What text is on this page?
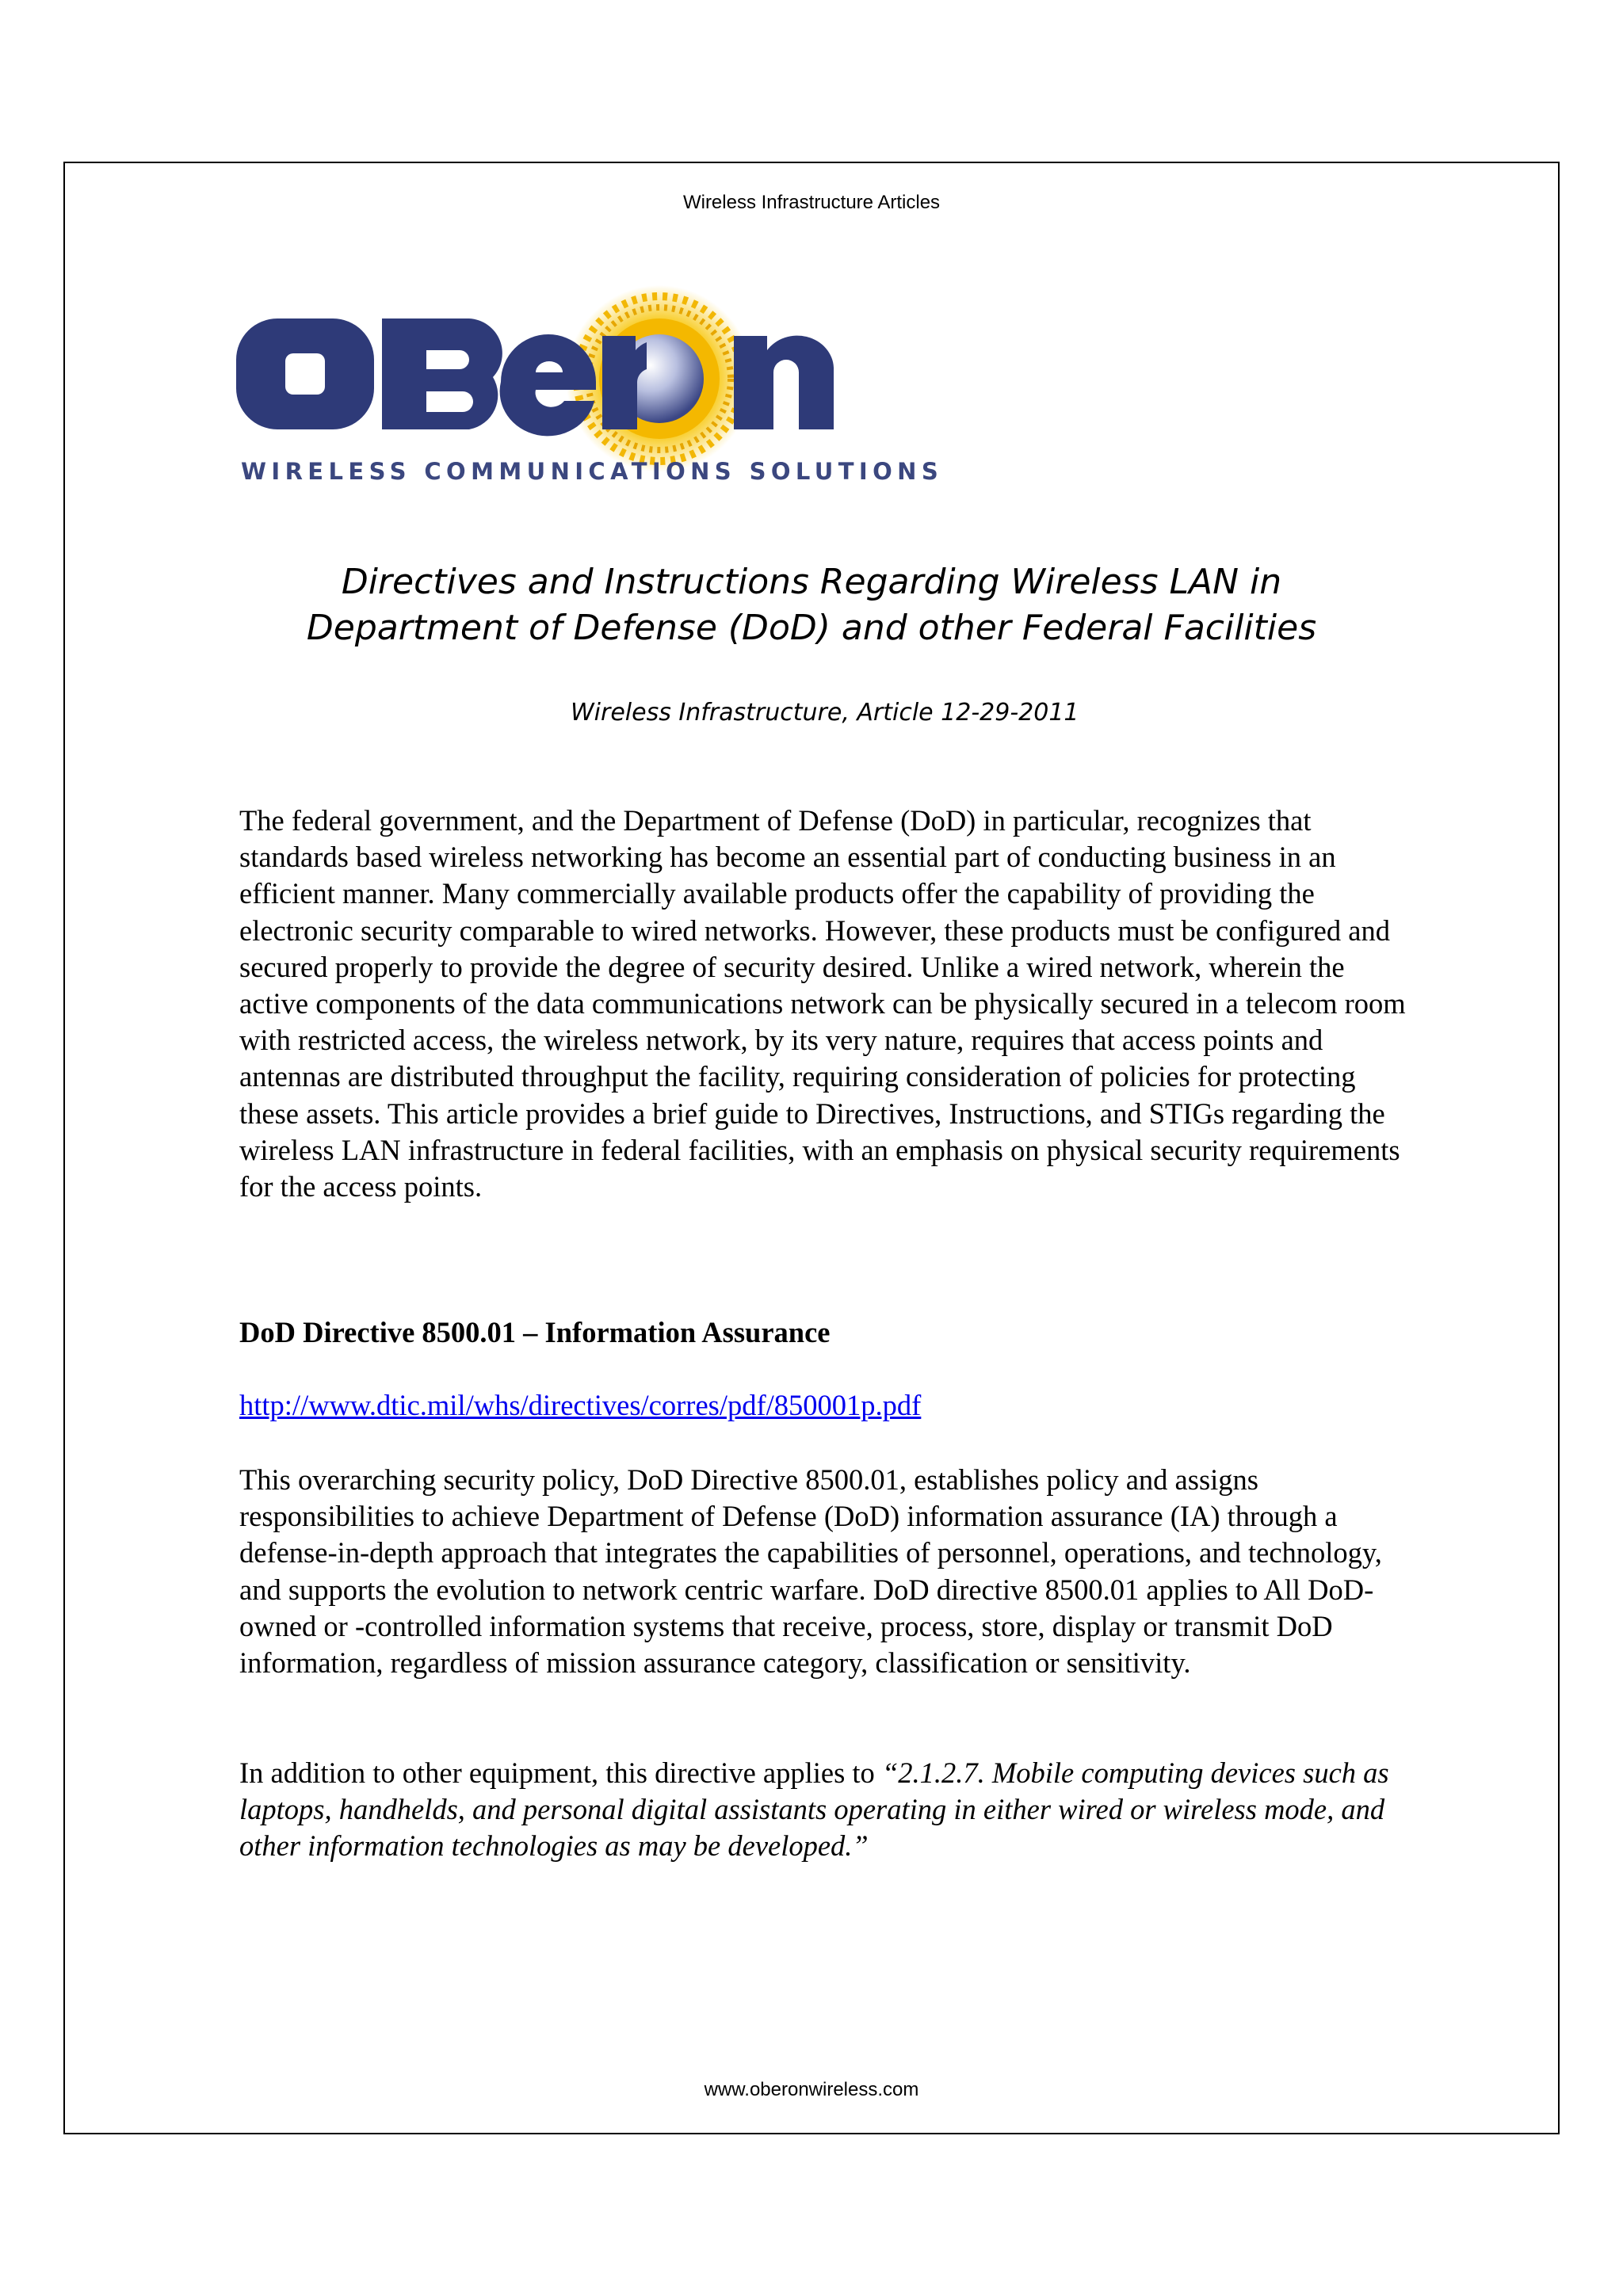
Wireless Infrastructure Articles
WIRELESS COMMUNICATIONS SOLUTIONS
Directives and Instructions Regarding Wireless LAN in
Department of Defense (DoD) and other Federal Facilities
Wireless Infrastructure, Article 12-29-2011
The federal government, and the Department of Defense (DoD) in particular, recognizes that standards based wireless networking has become an essential part of conducting business in an efficient manner. Many commercially available products offer the capability of providing the electronic security comparable to wired networks. However, these products must be configured and secured properly to provide the degree of security desired. Unlike a wired network, wherein the active components of the data communications network can be physically secured in a telecom room with restricted access, the wireless network, by its very nature, requires that access points and antennas are distributed throughput the facility, requiring consideration of policies for protecting these assets. This article provides a brief guide to Directives, Instructions, and STIGs regarding the wireless LAN infrastructure in federal facilities, with an emphasis on physical security requirements for the access points.
DoD Directive 8500.01 – Information Assurance
http://www.dtic.mil/whs/directives/corres/pdf/850001p.pdf
This overarching security policy, DoD Directive 8500.01, establishes policy and assigns responsibilities to achieve Department of Defense (DoD) information assurance (IA) through a defense-in-depth approach that integrates the capabilities of personnel, operations, and technology, and supports the evolution to network centric warfare. DoD directive 8500.01 applies to All DoD-owned or -controlled information systems that receive, process, store, display or transmit DoD information, regardless of mission assurance category, classification or sensitivity.
In addition to other equipment, this directive applies to “2.1.2.7. Mobile computing devices such as laptops, handhelds, and personal digital assistants operating in either wired or wireless mode, and other information technologies as may be developed.”
www.oberonwireless.com
